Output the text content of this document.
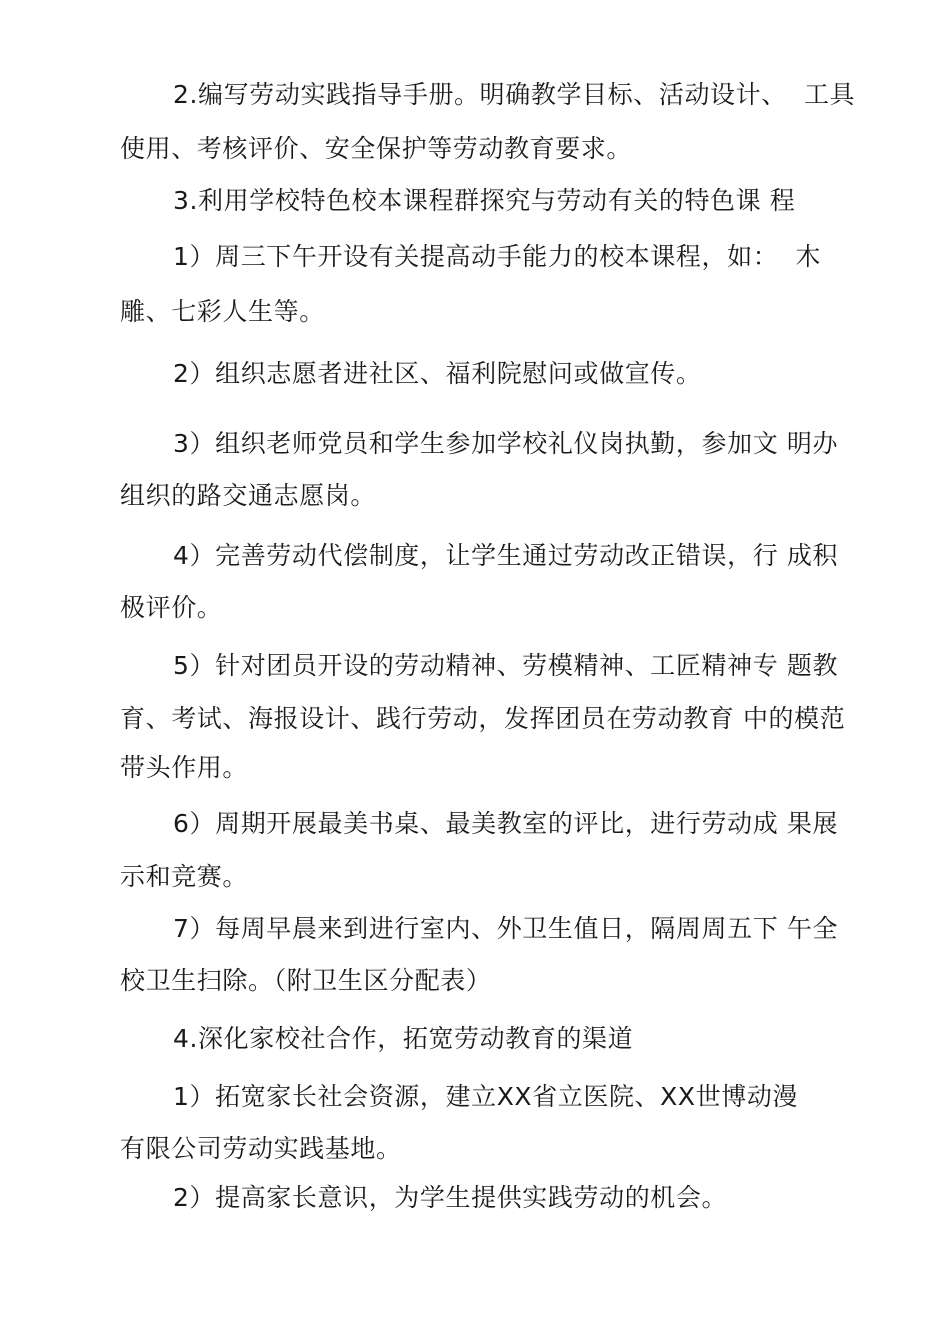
2.编写劳动实践指导手册。明确教学目标、活动设计、  工具
使用、考核评价、安全保护等劳动教育要求。
3.利用学校特色校本课程群探究与劳动有关的特色课 程
1）周三下午开设有关提高动手能力的校本课程，如：  木
雕、七彩人生等。
2）组织志愿者进社区、福利院慰问或做宣传。
3）组织老师党员和学生参加学校礼仪岗执勤，参加文 明办
组织的路交通志愿岗。
4）完善劳动代偿制度，让学生通过劳动改正错误，行 成积
极评价。
5）针对团员开设的劳动精神、劳模精神、工匠精神专 题教
育、考试、海报设计、践行劳动，发挥团员在劳动教育 中的模范
带头作用。
6）周期开展最美书桌、最美教室的评比，进行劳动成 果展
示和竞赛。
7）每周早晨来到进行室内、外卫生值日，隔周周五下 午全
校卫生扫除。（附卫生区分配表）
4.深化家校社合作，拓宽劳动教育的渠道
1）拓宽家长社会资源，建立XX省立医院、XX世博动漫
有限公司劳动实践基地。
2）提高家长意识，为学生提供实践劳动的机会。
